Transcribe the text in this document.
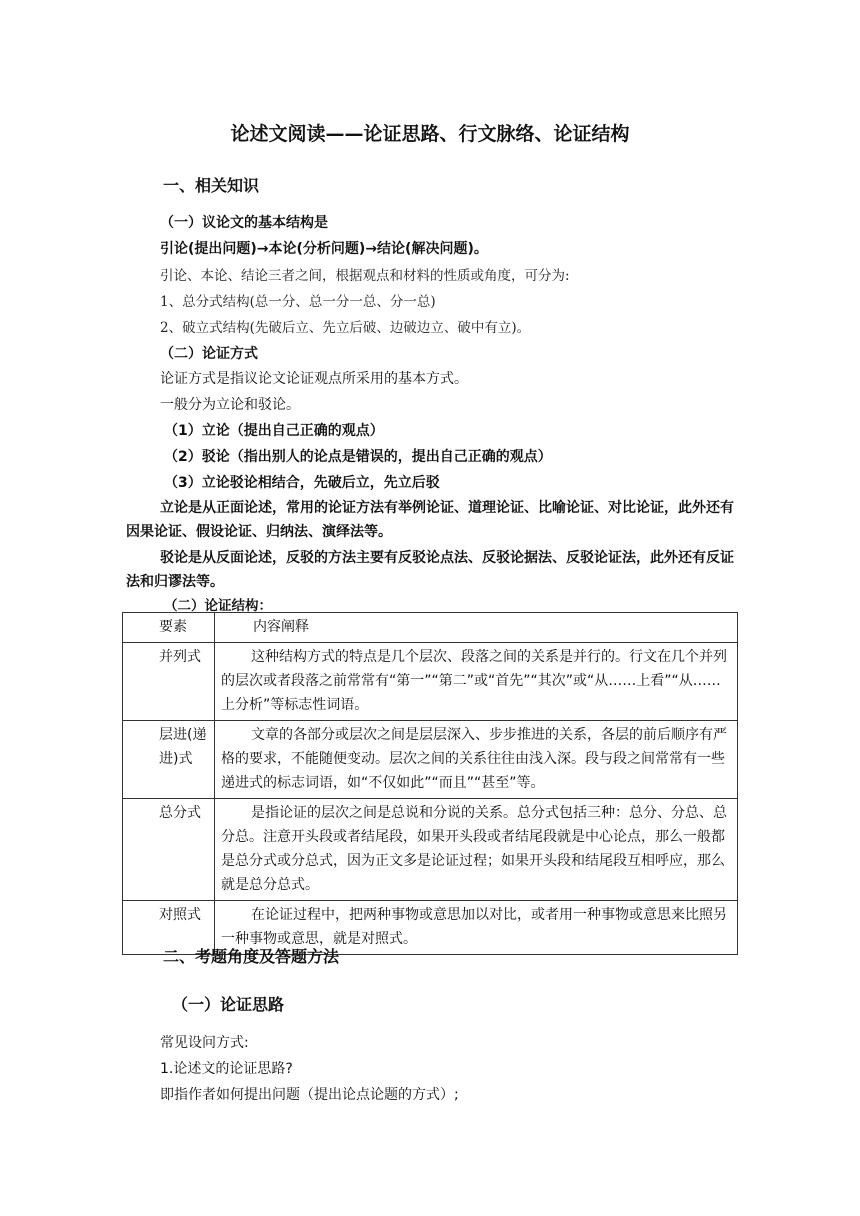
论述文阅读——论证思路、行文脉络、论证结构
一、相关知识
（一）议论文的基本结构是
引论(提出问题)→本论(分析问题)→结论(解决问题)。
引论、本论、结论三者之间，根据观点和材料的性质或角度，可分为:
1、总分式结构(总一分、总一分一总、分一总)
2、破立式结构(先破后立、先立后破、边破边立、破中有立)。
（二）论证方式
论证方式是指议论文论证观点所采用的基本方式。
一般分为立论和驳论。
（1）立论（提出自己正确的观点）
（2）驳论（指出别人的论点是错误的，提出自己正确的观点）
（3）立论驳论相结合，先破后立，先立后驳
立论是从正面论述，常用的论证方法有举例论证、道理论证、比喻论证、对比论证，此外还有因果论证、假设论证、归纳法、演绎法等。
驳论是从反面论述，反驳的方法主要有反驳论点法、反驳论据法、反驳论证法，此外还有反证法和归谬法等。
（二）论证结构：
要素	内容阐释
并列式	这种结构方式的特点是几个层次、段落之间的关系是并行的。行文在几个并列的层次或者段落之前常常有“第一”“第二”或“首先”“其次”或“从……上看”“从……上分析”等标志性词语。
层进(递进)式	文章的各部分或层次之间是层层深入、步步推进的关系，各层的前后顺序有严格的要求，不能随便变动。层次之间的关系往往由浅入深。段与段之间常常有一些递进式的标志词语，如“不仅如此”“而且”“甚至”等。
总分式	是指论证的层次之间是总说和分说的关系。总分式包括三种：总分、分总、总分总。注意开头段或者结尾段，如果开头段或者结尾段就是中心论点，那么一般都是总分式或分总式，因为正文多是论证过程；如果开头段和结尾段互相呼应，那么就是总分总式。
对照式	在论证过程中，把两种事物或意思加以对比，或者用一种事物或意思来比照另一种事物或意思，就是对照式。
二、考题角度及答题方法
（一）论证思路
常见设问方式:
1.论述文的论证思路?
即指作者如何提出问题（提出论点论题的方式）;
